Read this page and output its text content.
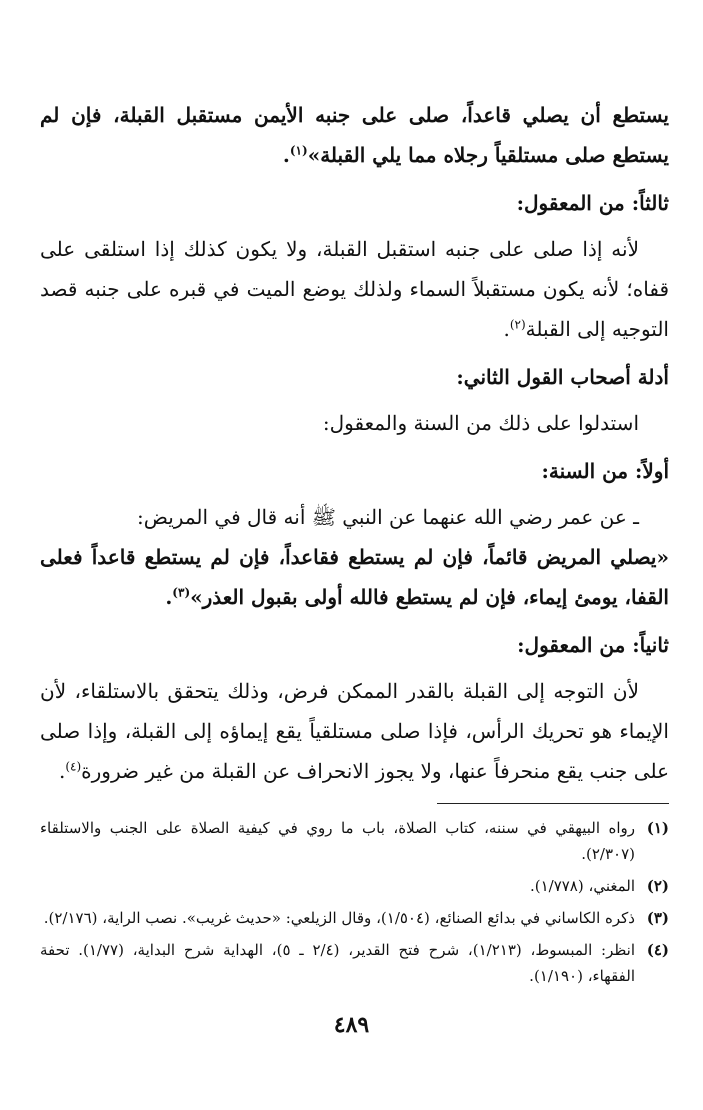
يستطع أن يصلي قاعداً، صلى على جنبه الأيمن مستقبل القبلة، فإن لم يستطع صلى مستلقياً رجلاه مما يلي القبلة»$^{(١)}$.

ثالثاً: من المعقول:

لأنه إذا صلى على جنبه استقبل القبلة، ولا يكون كذلك إذا استلقى على قفاه؛ لأنه يكون مستقبلاً السماء ولذلك يوضع الميت في قبره على جنبه قصد التوجيه إلى القبلة$^{(٢)}$.

أدلة أصحاب القول الثاني:

استدلوا على ذلك من السنة والمعقول:

أولاً: من السنة:

ـ عن عمر رضي الله عنهما عن النبي ﷺ أنه قال في المريض:

«يصلي المريض قائماً، فإن لم يستطع فقاعداً، فإن لم يستطع قاعداً فعلى القفا، يومئ إيماء، فإن لم يستطع فالله أولى بقبول العذر»$^{(٣)}$.

ثانياً: من المعقول:

لأن التوجه إلى القبلة بالقدر الممكن فرض، وذلك يتحقق بالاستلقاء، لأن الإيماء هو تحريك الرأس، فإذا صلى مستلقياً يقع إيماؤه إلى القبلة، وإذا صلى على جنب يقع منحرفاً عنها، ولا يجوز الانحراف عن القبلة من غير ضرورة$^{(٤)}$.

(١)
رواه البيهقي في سننه، كتاب الصلاة، باب ما روي في كيفية الصلاة على الجنب والاستلقاء (٢/٣٠٧).
(٢)
المغني، (١/٧٧٨).
(٣)
ذكره الكاساني في بدائع الصنائع، (١/٥٠٤)، وقال الزيلعي: «حديث غريب». نصب الراية، (٢/١٧٦).
(٤)
انظر: المبسوط، (١/٢١٣)، شرح فتح القدير، (٢/٤ ـ ٥)، الهداية شرح البداية، (١/٧٧). تحفة الفقهاء، (١/١٩٠).
٤٨٩
